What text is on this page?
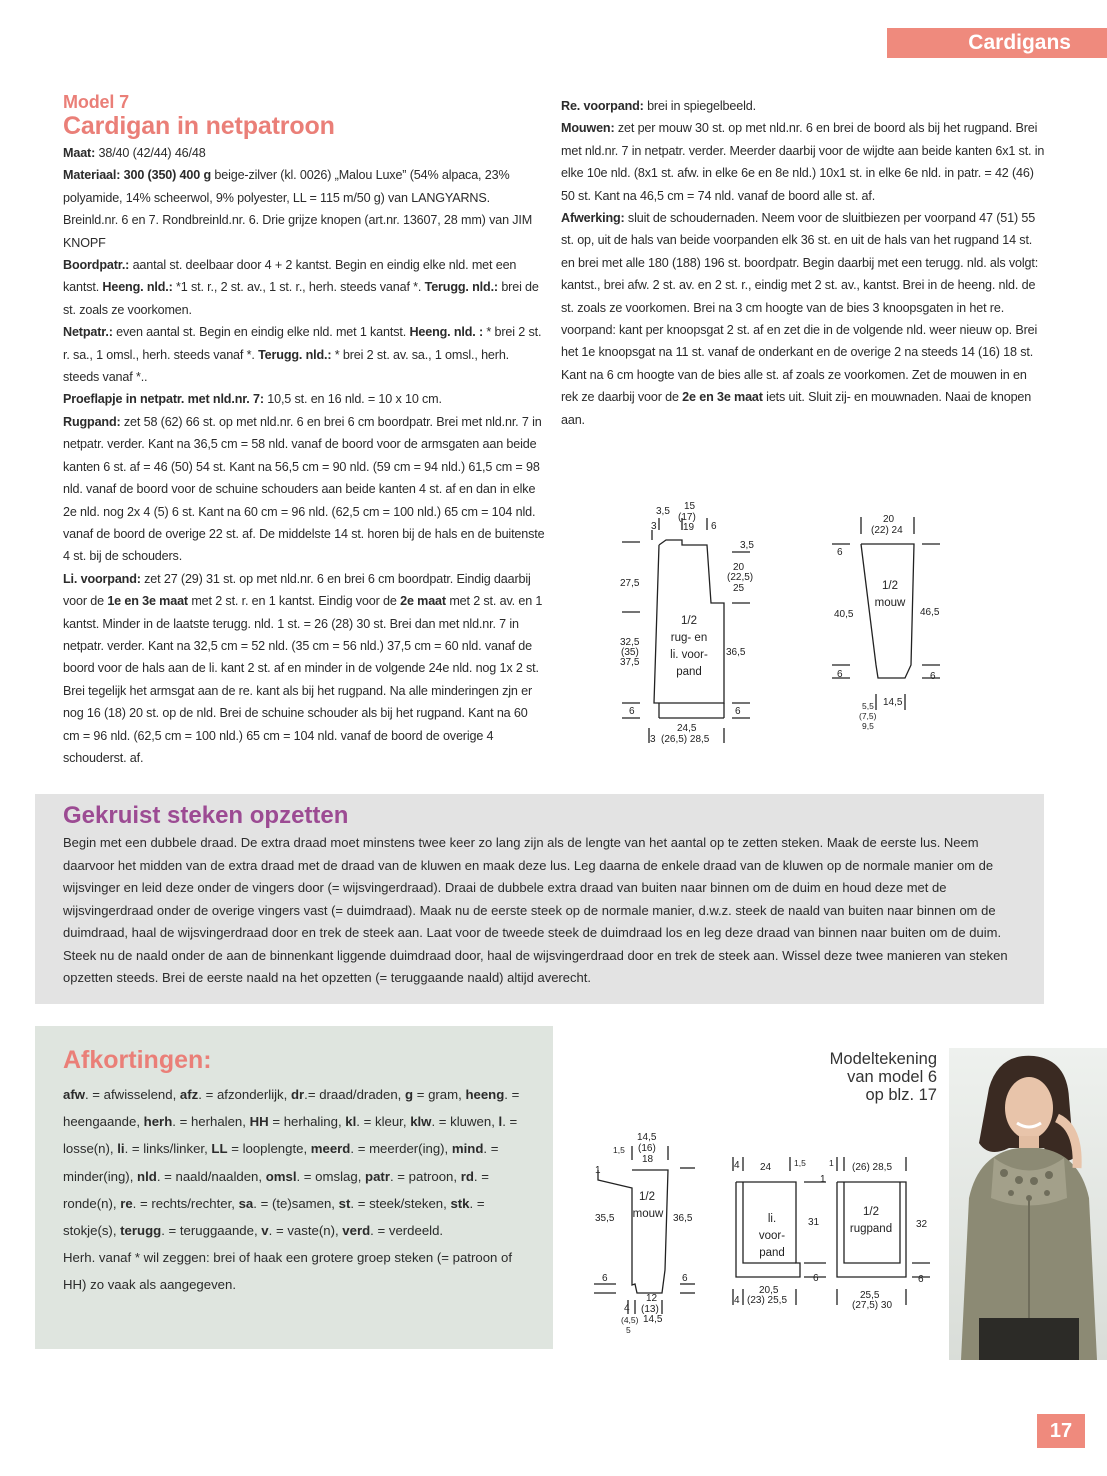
Cardigans
Model 7
Cardigan in netpatroon

Maat: 38/40 (42/44) 46/48

Materiaal: 300 (350) 400 g beige-zilver (kl. 0026) „Malou Luxe” (54% alpaca, 23% polyamide, 14% scheerwol, 9% polyester, LL = 115 m/50 g) van LANGYARNS. Breinld.nr. 6 en 7. Rondbreinld.nr. 6. Drie grijze knopen (art.nr. 13607, 28 mm) van JIM KNOPF

Boordpatr.: aantal st. deelbaar door 4 + 2 kantst. Begin en eindig elke nld. met een kantst. Heeng. nld.: *1 st. r., 2 st. av., 1 st. r., herh. steeds vanaf *. Terugg. nld.: brei de st. zoals ze voorkomen.

Netpatr.: even aantal st. Begin en eindig elke nld. met 1 kantst. Heeng. nld. : * brei 2 st. r. sa., 1 omsl., herh. steeds vanaf *. Terugg. nld.: * brei 2 st. av. sa., 1 omsl., herh. steeds vanaf *..

Proeflapje in netpatr. met nld.nr. 7: 10,5 st. en 16 nld. = 10 x 10 cm.

Rugpand: zet 58 (62) 66 st. op met nld.nr. 6 en brei 6 cm boordpatr. Brei met nld.nr. 7 in netpatr. verder. Kant na 36,5 cm = 58 nld. vanaf de boord voor de armsgaten aan beide kanten 6 st. af = 46 (50) 54 st. Kant na 56,5 cm = 90 nld. (59 cm = 94 nld.) 61,5 cm = 98 nld. vanaf de boord voor de schuine schouders aan beide kanten 4 st. af en dan in elke 2e nld. nog 2x 4 (5) 6 st. Kant na 60 cm = 96 nld. (62,5 cm = 100 nld.) 65 cm = 104 nld. vanaf de boord de overige 22 st. af. De middelste 14 st. horen bij de hals en de buitenste 4 st. bij de schouders.

Li. voorpand: zet 27 (29) 31 st. op met nld.nr. 6 en brei 6 cm boordpatr. Eindig daarbij voor de 1e en 3e maat met 2 st. r. en 1 kantst. Eindig voor de 2e maat met 2 st. av. en 1 kantst. Minder in de laatste terugg. nld. 1 st. = 26 (28) 30 st. Brei dan met nld.nr. 7 in netpatr. verder. Kant na 32,5 cm = 52 nld. (35 cm = 56 nld.) 37,5 cm = 60 nld. vanaf de boord voor de hals aan de li. kant 2 st. af en minder in de volgende 24e nld. nog 1x 2 st. Brei tegelijk het armsgat aan de re. kant als bij het rugpand. Na alle minderingen zjn er nog 16 (18) 20 st. op de nld. Brei de schuine schouder als bij het rugpand. Kant na 60 cm = 96 nld. (62,5 cm = 100 nld.) 65 cm = 104 nld. vanaf de boord de overige 4 schouderst. af.

Re. voorpand: brei in spiegelbeeld.

Mouwen: zet per mouw 30 st. op met nld.nr. 6 en brei de boord als bij het rugpand. Brei met nld.nr. 7 in netpatr. verder. Meerder daarbij voor de wijdte aan beide kanten 6x1 st. in elke 10e nld. (8x1 st. afw. in elke 6e en 8e nld.) 10x1 st. in elke 6e nld. in patr. = 42 (46) 50 st. Kant na 46,5 cm = 74 nld. vanaf de boord alle st. af.

Afwerking: sluit de schoudernaden. Neem voor de sluitbiezen per voorpand 47 (51) 55 st. op, uit de hals van beide voorpanden elk 36 st. en uit de hals van het rugpand 14 st. en brei met alle 180 (188) 196 st. boordpatr. Begin daarbij met een terugg. nld. als volgt: kantst., brei afw. 2 st. av. en 2 st. r., eindig met 2 st. av., kantst. Brei in de heeng. nld. de st. zoals ze voorkomen. Brei na 3 cm hoogte van de bies 3 knoopsgaten in het re. voorpand: kant per knoopsgat 2 st. af en zet die in de volgende nld. weer nieuw op. Brei het 1e knoopsgat na 11 st. vanaf de onderkant en de overige 2 na steeds 14 (16) 18 st. Kant na 6 cm hoogte van de bies alle st. af zoals ze voorkomen. Zet de mouwen in en rek ze daarbij voor de 2e en 3e maat iets uit. Sluit zij- en mouwnaden. Naai de knopen aan.

3,5 15
(17)
19
3	6
3,5
20
(22,5)
25
27,5
32,5
(35)
37,5
36,5
6	6
24,5
3 (26,5) 28,5
1/2
rug- en
li. voor-
pand
20
(22) 24
6
40,5	46,5
6	6
5,5
(7,5)
9,5
14,5
1/2
mouw
Gekruist steken opzetten
Begin met een dubbele draad. De extra draad moet minstens twee keer zo lang zijn als de lengte van het aantal op te zetten steken. Maak de eerste lus. Neem daarvoor het midden van de extra draad met de draad van de kluwen en maak deze lus. Leg daarna de enkele draad van de kluwen op de normale manier om de wijsvinger en leid deze onder de vingers door (= wijsvingerdraad). Draai de dubbele extra draad van buiten naar binnen om de duim en houd deze met de wijsvingerdraad onder de overige vingers vast (= duimdraad). Maak nu de eerste steek op de normale manier, d.w.z. steek de naald van buiten naar binnen om de duimdraad, haal de wijsvingerdraad door en trek de steek aan. Laat voor de tweede steek de duimdraad los en leg deze draad van binnen naar buiten om de duim. Steek nu de naald onder de aan de binnenkant liggende duimdraad door, haal de wijsvingerdraad door en trek de steek aan. Wissel deze twee manieren van steken opzetten steeds. Brei de eerste naald na het opzetten (= teruggaande naald) altijd averecht.
Afkortingen:
afw. = afwisselend, afz. = afzonderlijk, dr.= draad/draden, g = gram, heeng. = heengaande, herh. = herhalen, HH = herhaling, kl. = kleur, klw. = kluwen, l. = losse(n), li. = links/linker, LL = looplengte, meerd. = meerder(ing), mind. = minder(ing), nld. = naald/naalden, omsl. = omslag, patr. = patroon, rd. = ronde(n), re. = rechts/rechter, sa. = (te)samen, st. = steek/steken, stk. = stokje(s), terugg. = teruggaande, v. = vaste(n), verd. = verdeeld.
Herh. vanaf * wil zeggen: brei of haak een grotere groep steken (= patroon of HH) zo vaak als aangegeven.
Modeltekening
van model 6
op blz. 17
14,5
(16)
18
1,5
1
35,5	36,5
6	6
12
(13)
4
14,5
(4,5)
5
1/2
mouw
4 24	1,5
20,5
4 (23) 25,5
li.
voor-
pand
1 (26) 28,5
1
31	32
6	6
25,5
(27,5) 30
1/2
rugpand
17
